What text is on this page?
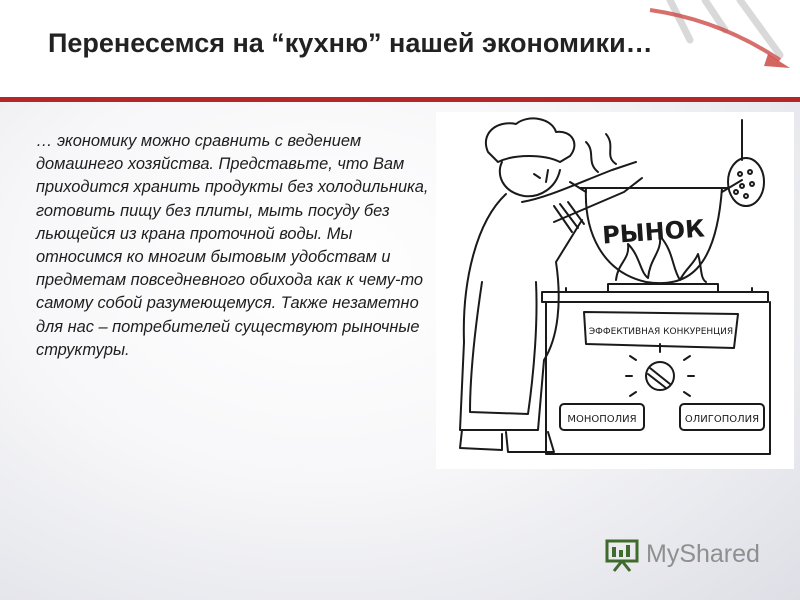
Перенесемся на “кухню” нашей экономики…

… экономику можно сравнить с ведением домашнего хозяйства. Представьте, что Вам приходится хранить продукты без холодильника, готовить пищу без плиты, мыть посуду без льющейся из крана проточной воды. Мы относимся ко многим бытовым удобствам и предметам повседневного обихода как к чему-то самому собой разумеющемуся. Также незаметно для нас – потребителей существуют рыночные структуры.

РЫНОК
ЭФФЕКТИВНАЯ КОНКУРЕНЦИЯ
МОНОПОЛИЯ	ОЛИГОПОЛИЯ
MyShared
